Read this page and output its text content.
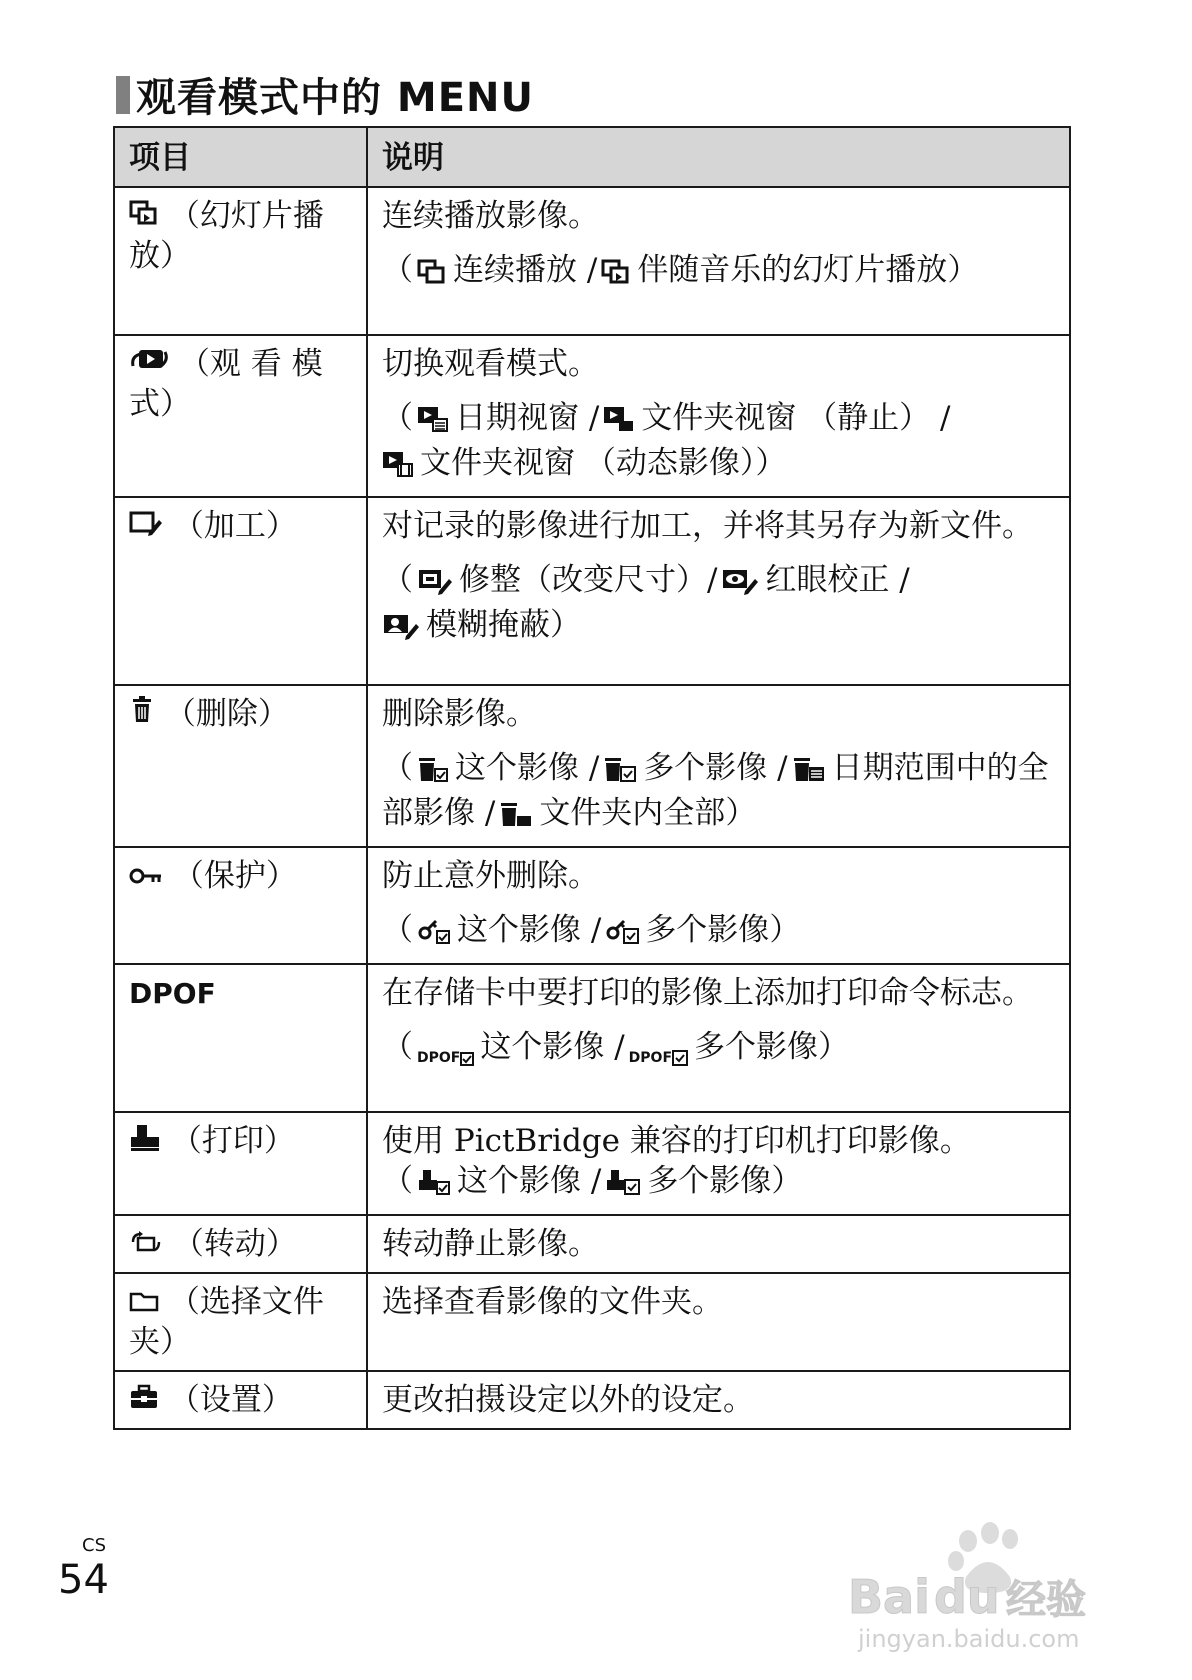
观看模式中的 MENU
项目	说明
（幻灯片播放）	连续播放影像。
（ 连续播放 / 伴随音乐的幻灯片播放）

（观 看 模式）	切换观看模式。
（ 日期视窗 / 文件夹视窗 （静止） /
文件夹视窗 （动态影像））

（加工）	对记录的影像进行加工，并将其另存为新文件。
（ 修整（改变尺寸）/ 红眼校正 /
模糊掩蔽）

（删除）	删除影像。
（ 这个影像 / 多个影像 / 日期范围中的全部影像 / 文件夹内全部）

（保护）	防止意外删除。
（ 这个影像 / 多个影像）

DPOF	在存储卡中要打印的影像上添加打印命令标志。
（ DPOF 这个影像 / DPOF 多个影像）

（打印）	使用 PictBridge 兼容的打印机打印影像。
（ 这个影像 / 多个影像）

（转动）	转动静止影像。

（选择文件夹）	选择查看影像的文件夹。

（设置）	更改拍摄设定以外的设定。
CS
54	Bai du 经验
jingyan.baidu.com
